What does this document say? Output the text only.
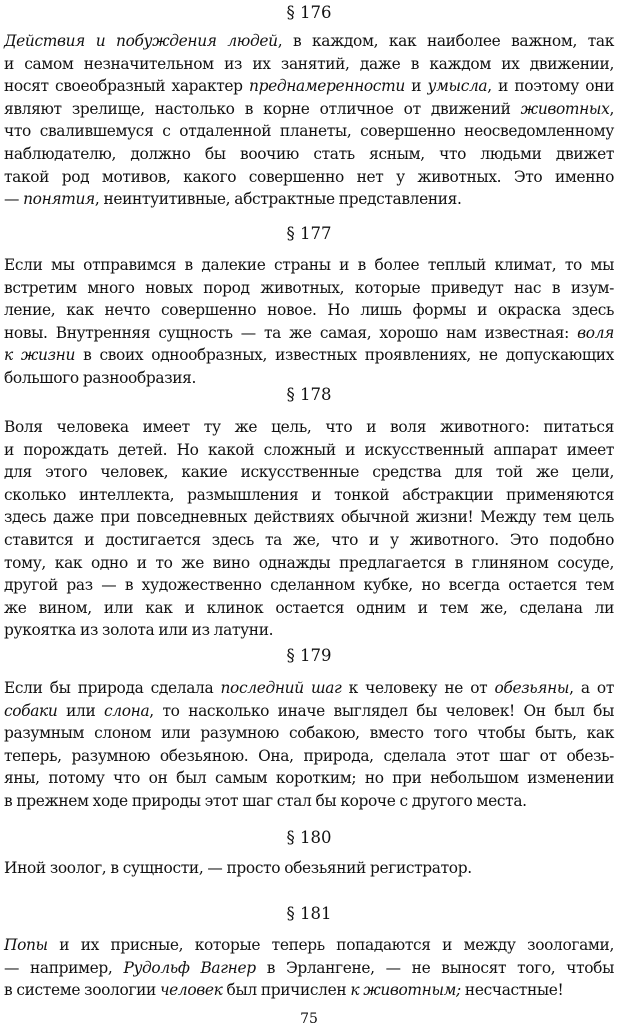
§ 176
Действия и побуждения людей, в каждом, как наиболее важном, так
и самом незначительном из их занятий, даже в каждом их движении,
носят своеобразный характер преднамеренности и умысла, и поэтому они
являют зрелище, настолько в корне отличное от движений животных,
что свалившемуся с отдаленной планеты, совершенно неосведомленному
наблюдателю, должно бы воочию стать ясным, что людьми движет
такой род мотивов, какого совершенно нет у животных. Это именно
— понятия, неинтуитивные, абстрактные представления.
§ 177
Если мы отправимся в далекие страны и в более теплый климат, то мы
встретим много новых пород животных, которые приведут нас в изум-
ление, как нечто совершенно новое. Но лишь формы и окраска здесь
новы. Внутренняя сущность — та же самая, хорошо нам известная: воля
к жизни в своих однообразных, известных проявлениях, не допускающих
большого разнообразия.
§ 178
Воля человека имеет ту же цель, что и воля животного: питаться
и порождать детей. Но какой сложный и искусственный аппарат имеет
для этого человек, какие искусственные средства для той же цели,
сколько интеллекта, размышления и тонкой абстракции применяются
здесь даже при повседневных действиях обычной жизни! Между тем цель
ставится и достигается здесь та же, что и у животного. Это подобно
тому, как одно и то же вино однажды предлагается в глиняном сосуде,
другой раз — в художественно сделанном кубке, но всегда остается тем
же вином, или как и клинок остается одним и тем же, сделана ли
рукоятка из золота или из латуни.
§ 179
Если бы природа сделала последний шаг к человеку не от обезьяны, а от
собаки или слона, то насколько иначе выглядел бы человек! Он был бы
разумным слоном или разумною собакою, вместо того чтобы быть, как
теперь, разумною обезьяною. Она, природа, сделала этот шаг от обезь-
яны, потому что он был самым коротким; но при небольшом изменении
в прежнем ходе природы этот шаг стал бы короче с другого места.
§ 180
Иной зоолог, в сущности, — просто обезьяний регистратор.
§ 181
Попы и их присные, которые теперь попадаются и между зоологами,
— например, Рудольф Вагнер в Эрлангене, — не выносят того, чтобы
в системе зоологии человек был причислен к животным; несчастные!
75
